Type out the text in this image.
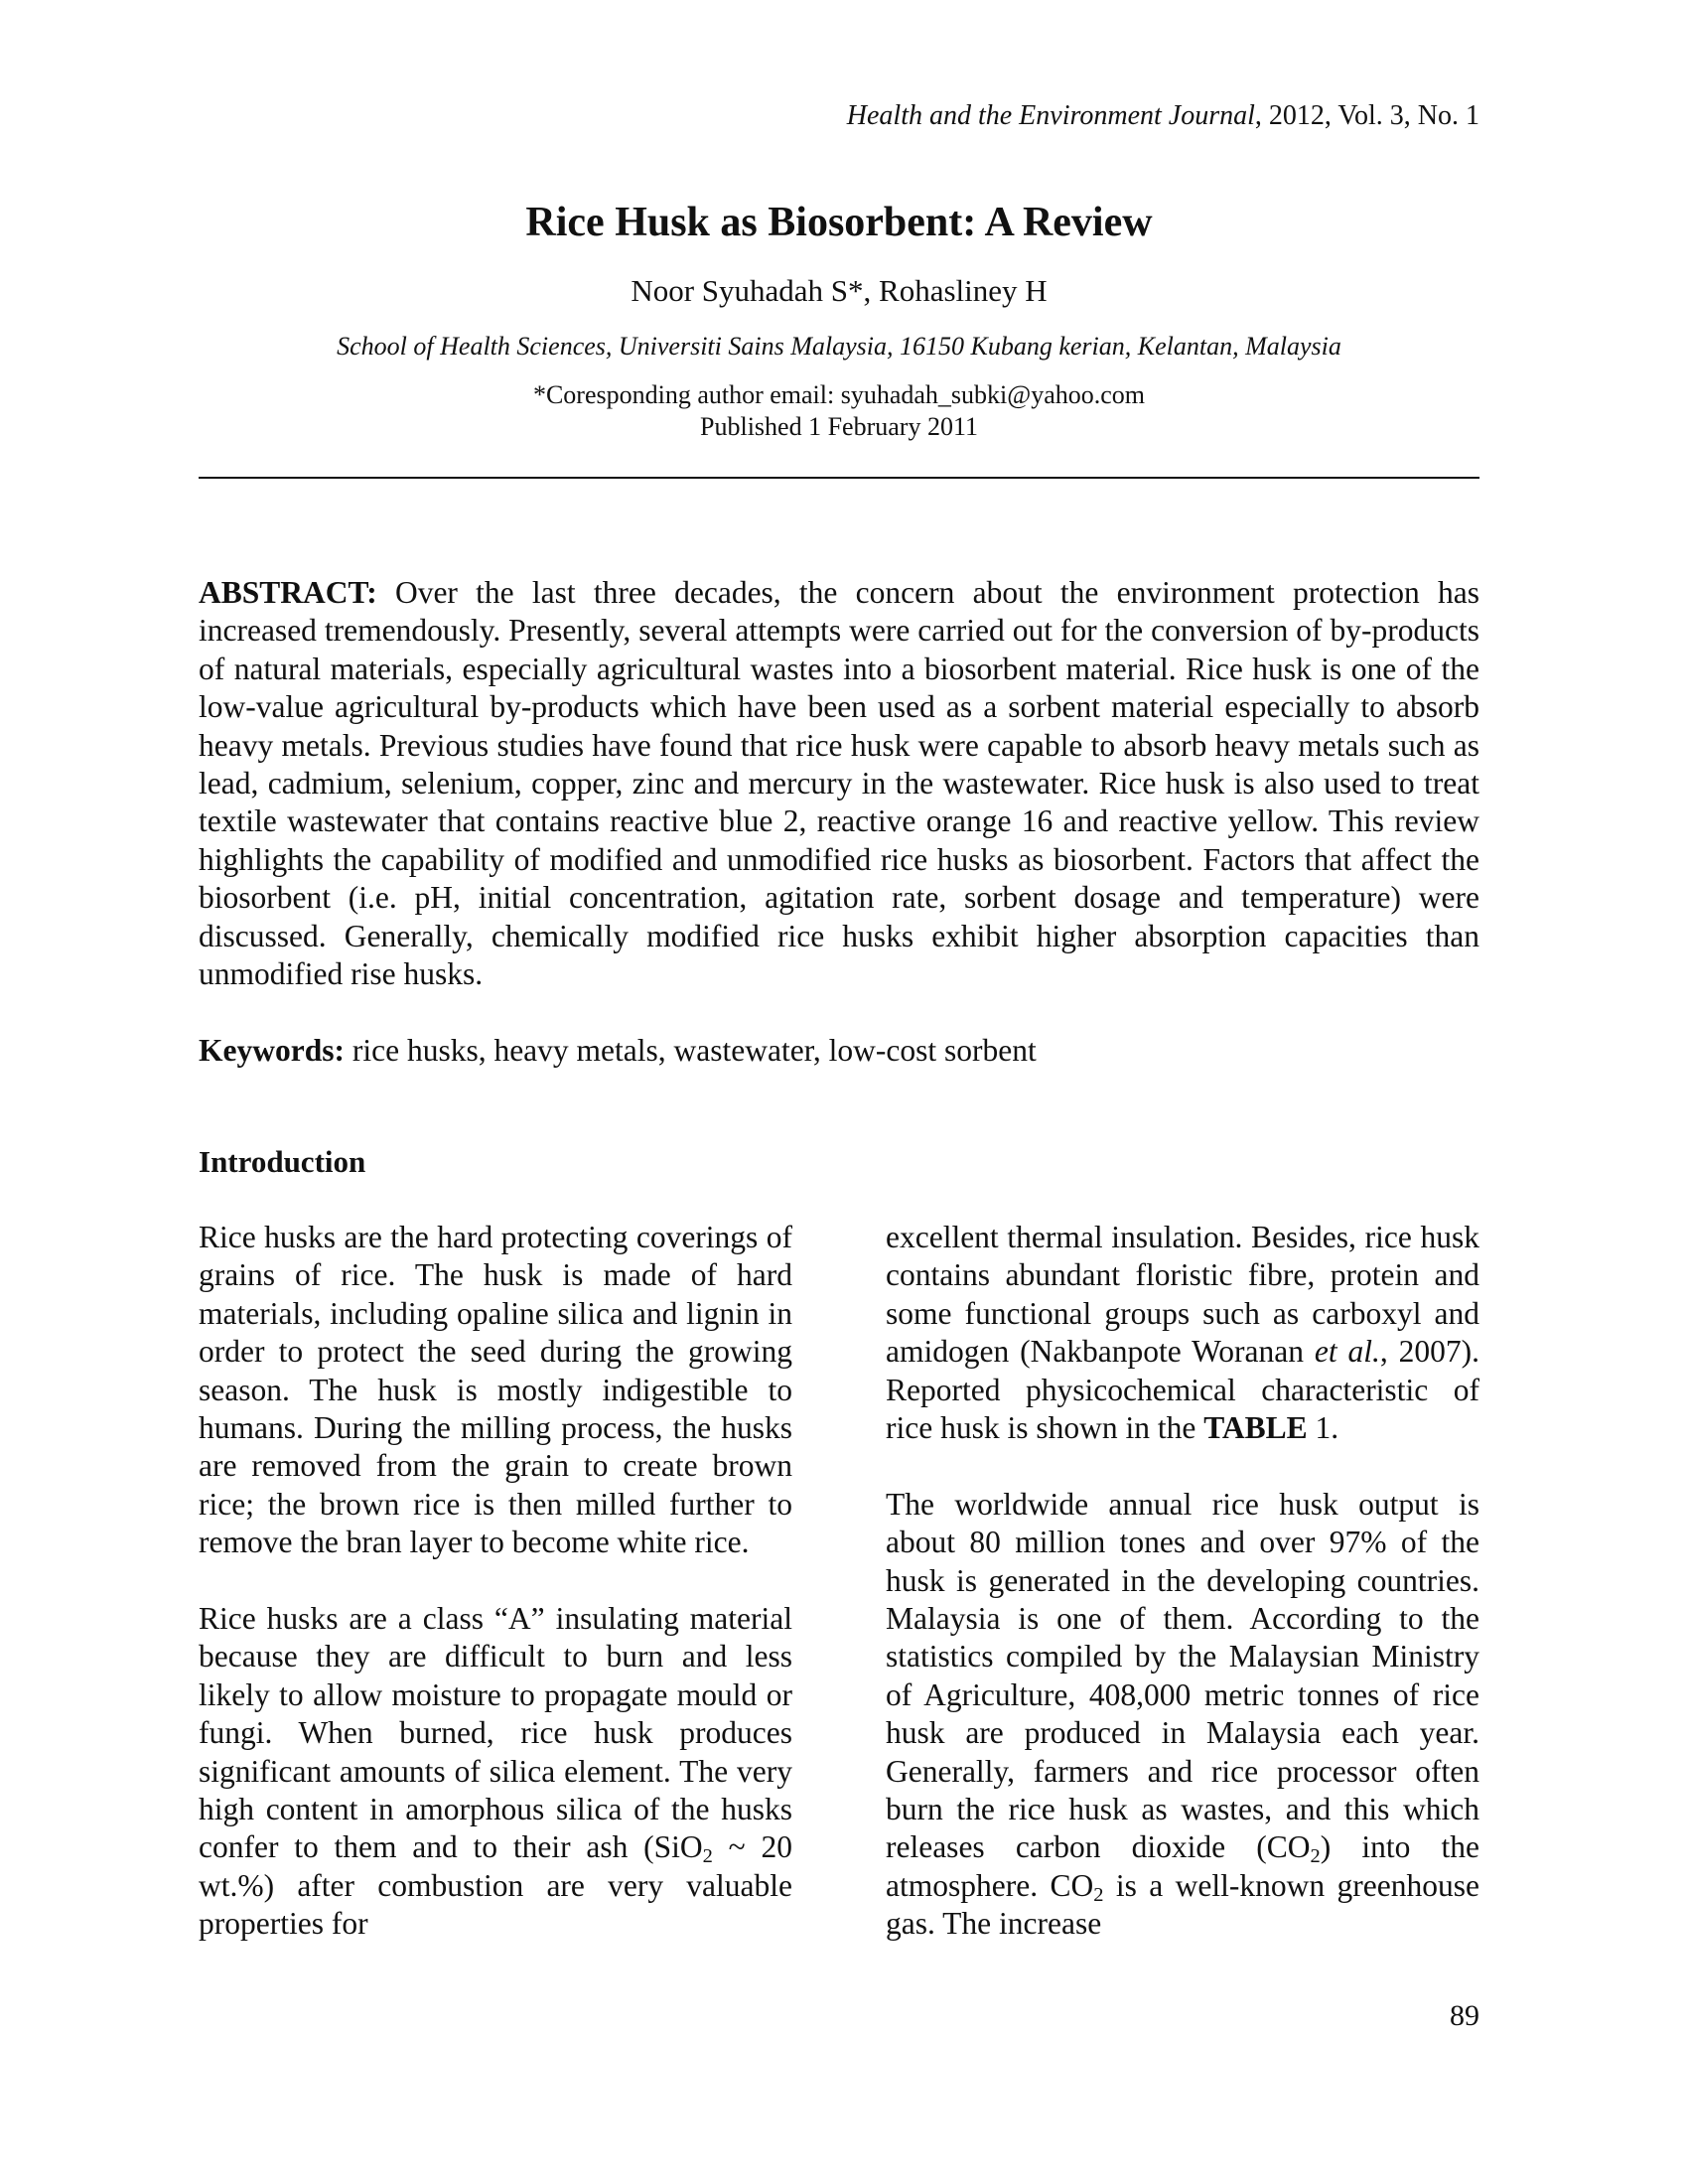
Health and the Environment Journal, 2012, Vol. 3, No. 1
Rice Husk as Biosorbent: A Review
Noor Syuhadah S*, Rohasliney H
School of Health Sciences, Universiti Sains Malaysia, 16150 Kubang kerian, Kelantan, Malaysia
*Coresponding author email: syuhadah_subki@yahoo.com
Published 1 February 2011

ABSTRACT: Over the last three decades, the concern about the environment protection has increased tremendously. Presently, several attempts were carried out for the conversion of by-products of natural materials, especially agricultural wastes into a biosorbent material. Rice husk is one of the low-value agricultural by-products which have been used as a sorbent material especially to absorb heavy metals. Previous studies have found that rice husk were capable to absorb heavy metals such as lead, cadmium, selenium, copper, zinc and mercury in the wastewater. Rice husk is also used to treat textile wastewater that contains reactive blue 2, reactive orange 16 and reactive yellow. This review highlights the capability of modified and unmodified rice husks as biosorbent. Factors that affect the biosorbent (i.e. pH, initial concentration, agitation rate, sorbent dosage and temperature) were discussed. Generally, chemically modified rice husks exhibit higher absorption capacities than unmodified rise husks.

Keywords: rice husks, heavy metals, wastewater, low-cost sorbent

Introduction

Rice husks are the hard protecting coverings of grains of rice. The husk is made of hard materials, including opaline silica and lignin in order to protect the seed during the growing season. The husk is mostly indigestible to humans. During the milling process, the husks are removed from the grain to create brown rice; the brown rice is then milled further to remove the bran layer to become white rice.

Rice husks are a class “A” insulating material because they are difficult to burn and less likely to allow moisture to propagate mould or fungi. When burned, rice husk produces significant amounts of silica element. The very high content in amorphous silica of the husks confer to them and to their ash (SiO$_2$ ~ 20 wt.%) after combustion are very valuable properties for

excellent thermal insulation. Besides, rice husk contains abundant floristic fibre, protein and some functional groups such as carboxyl and amidogen (Nakbanpote Woranan et al., 2007). Reported physicochemical characteristic of rice husk is shown in the TABLE 1.

The worldwide annual rice husk output is about 80 million tones and over 97% of the husk is generated in the developing countries. Malaysia is one of them. According to the statistics compiled by the Malaysian Ministry of Agriculture, 408,000 metric tonnes of rice husk are produced in Malaysia each year. Generally, farmers and rice processor often burn the rice husk as wastes, and this which releases carbon dioxide $(CO_2)$ into the atmosphere. $CO_2$ is a well-known greenhouse gas. The increase

89
